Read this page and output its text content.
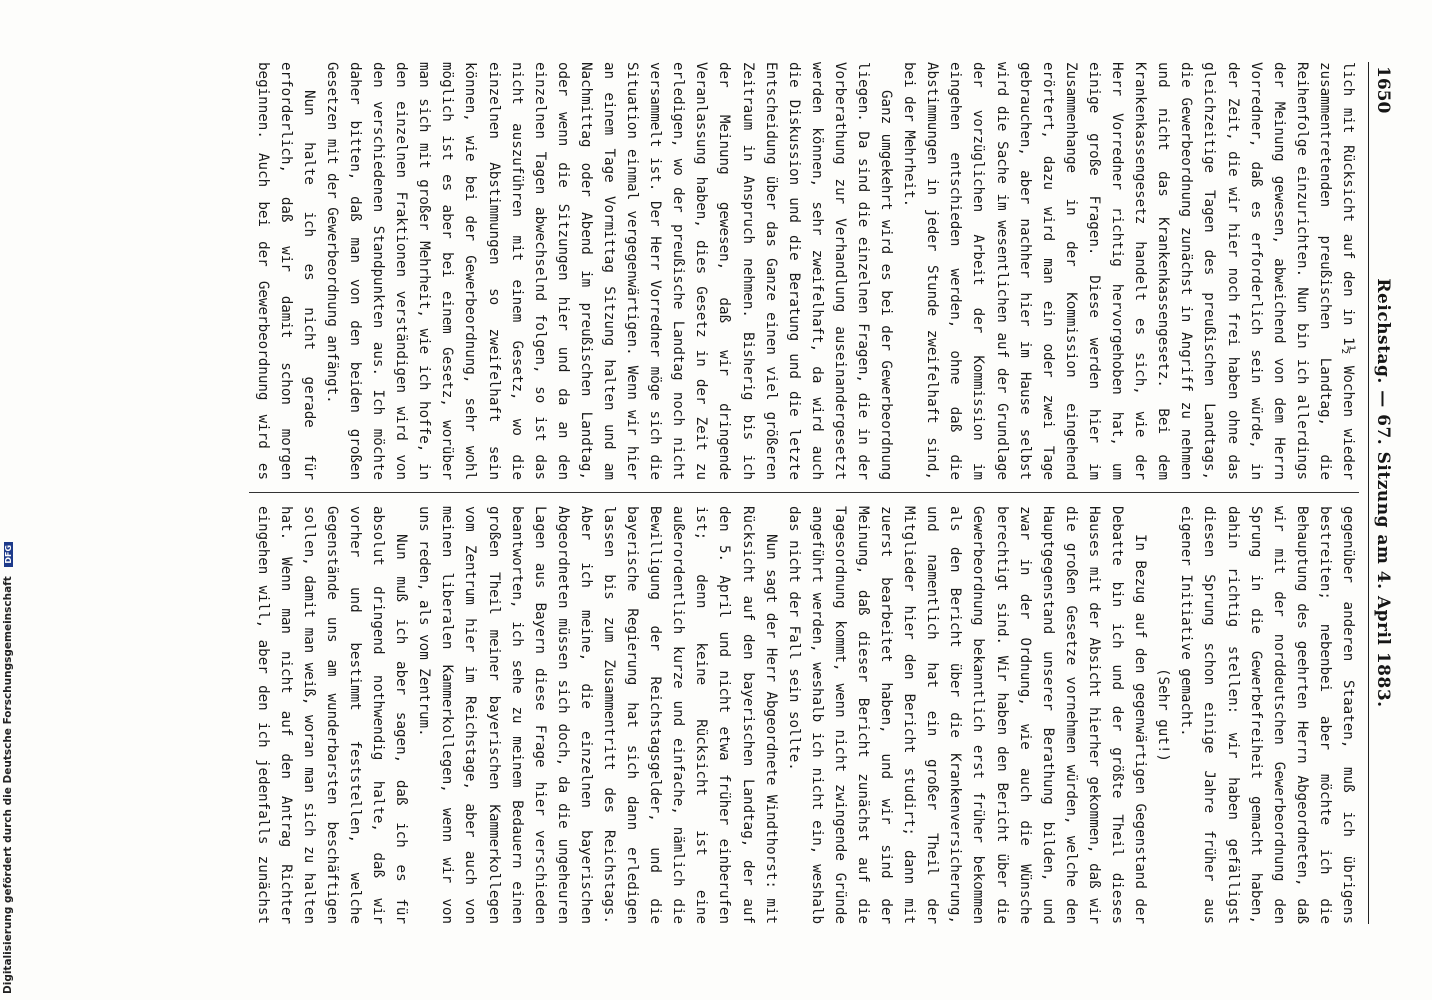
1650
Reichstag. — 67. Sitzung am 4. April 1883.

lich mit Rücksicht auf den in 1½ Wochen wieder zusammentretenden preußischen Landtag, die Reihenfolge einzurichten. Nun bin ich allerdings der Meinung gewesen, abweichend von dem Herrn Vorredner, daß es erforderlich sein würde, in der Zeit, die wir hier noch frei haben ohne das gleichzeitige Tagen des preußischen Landtags, die Gewerbeordnung zunächst in Angriff zu nehmen und nicht das Krankenkassengesetz. Bei dem Krankenkassengesetz handelt es sich, wie der Herr Vorredner richtig hervorgehoben hat, um einige große Fragen. Diese werden hier im Zusammenhange in der Kommission eingehend erörtert, dazu wird man ein oder zwei Tage gebrauchen, aber nachher hier im Hause selbst wird die Sache im wesentlichen auf der Grundlage der vorzüglichen Arbeit der Kommission im eingehen entschieden werden, ohne daß die Abstimmungen in jeder Stunde zweifelhaft sind, bei der Mehrheit.

Ganz umgekehrt wird es bei der Gewerbeordnung liegen. Da sind die einzelnen Fragen, die in der Vorberathung zur Verhandlung auseinandergesetzt werden können, sehr zweifelhaft, da wird auch die Diskussion und die Beratung und die letzte Entscheidung über das Ganze einen viel größeren Zeitraum in Anspruch nehmen. Bisherig bis ich der Meinung gewesen, daß wir dringende Veranlassung haben, dies Gesetz in der Zeit zu erledigen, wo der preußische Landtag noch nicht versammelt ist. Der Herr Vorredner möge sich die Situation einmal vergegenwärtigen. Wenn wir hier an einem Tage Vormittag Sitzung halten und am Nachmittag oder Abend im preußischen Landtag, oder wenn die Sitzungen hier und da an den einzelnen Tagen abwechselnd folgen, so ist das nicht auszuführen mit einem Gesetz, wo die einzelnen Abstimmungen so zweifelhaft sein können, wie bei der Gewerbeordnung, sehr wohl möglich ist es aber bei einem Gesetz, worüber man sich mit großer Mehrheit, wie ich hoffe, in den einzelnen Fraktionen verständigen wird von den verschiedenen Standpunkten aus. Ich möchte daher bitten, daß man von den beiden großen Gesetzen mit der Gewerbeordnung anfängt.

Nun halte ich es nicht gerade für erforderlich, daß wir damit schon morgen beginnen. Auch bei der Gewerbeordnung wird es

gegenüber anderen Staaten, muß ich übrigens bestreiten; nebenbei aber möchte ich die Behauptung des geehrten Herrn Abgeordneten, daß wir mit der norddeutschen Gewerbeordnung den Sprung in die Gewerbefreiheit gemacht haben, dahin richtig stellen: wir haben gefälligst diesen Sprung schon einige Jahre früher aus eigener Initiative gemacht.

(Sehr gut!)

In Bezug auf den gegenwärtigen Gegenstand der Debatte bin ich und der größte Theil dieses Hauses mit der Absicht hierher gekommen, daß wir die großen Gesetze vornehmen würden, welche den Hauptgegenstand unserer Berathung bilden, und zwar in der Ordnung, wie auch die Wünsche berechtigt sind. Wir haben den Bericht über die Gewerbeordnung bekanntlich erst früher bekommen als den Bericht über die Krankenversicherung, und namentlich hat ein großer Theil der Mitglieder hier den Bericht studirt; dann mit zuerst bearbeitet haben, und wir sind der Meinung, daß dieser Bericht zunächst auf die Tagesordnung kommt, wenn nicht zwingende Gründe angeführt werden, weshalb ich nicht ein, weshalb das nicht der Fall sein sollte.

Nun sagt der Herr Abgeordnete Windthorst: mit Rücksicht auf den bayerischen Landtag, der auf den 5. April und nicht etwa früher einberufen ist; denn keine Rücksicht ist eine außerordentlich kurze und einfache, nämlich die Bewilligung der Reichstagsgelder, und die bayerische Regierung hat sich dann erledigen lassen bis zum Zusammentritt des Reichstags. Aber ich meine, die einzelnen bayerischen Abgeordneten müssen sich doch, da die ungeheuren Lagen aus Bayern diese Frage hier verschieden beantworten, ich sehe zu meinem Bedauern einen großen Theil meiner bayerischen Kammerkollegen vom Zentrum hier im Reichstage, aber auch von meinen liberalen Kammerkollegen, wenn wir von uns reden, als vom Zentrum.

Nun muß ich aber sagen, daß ich es für absolut dringend nothwendig halte, daß wir vorher und bestimmt feststellen, welche Gegenstände uns am wunderbarsten beschäftigen sollen, damit man weiß, woran man sich zu halten hat. Wenn man nicht auf den Antrag Richter eingehen will, aber den ich jedenfalls zunächst

Digitalisierung gefördert durch die Deutsche Forschungsgemeinschaft DFG
